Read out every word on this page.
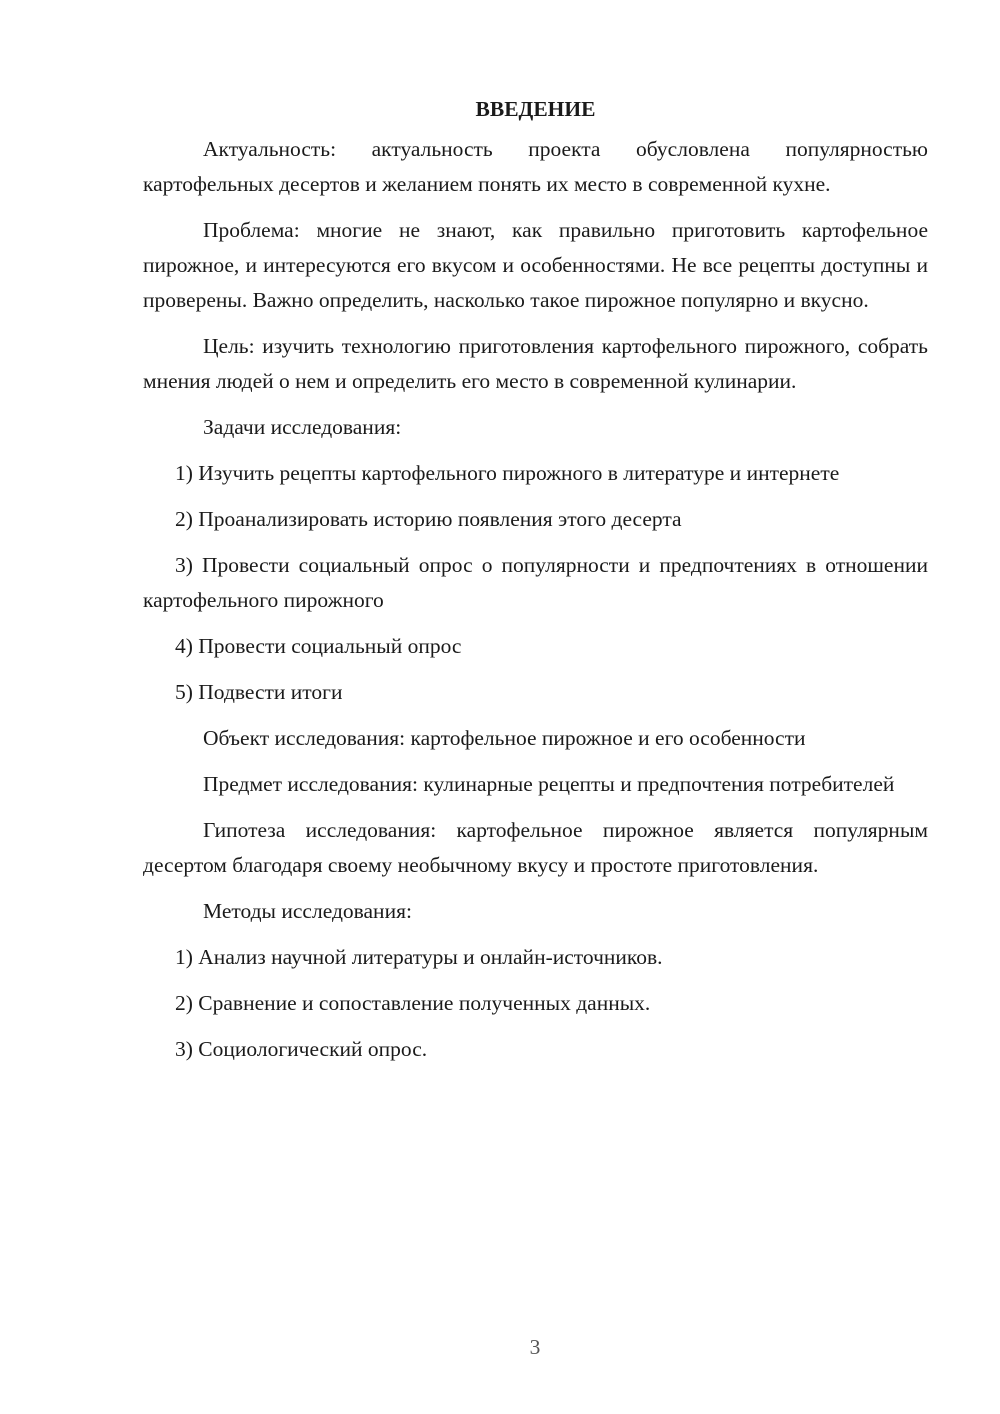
ВВЕДЕНИЕ

Актуальность: актуальность проекта обусловлена популярностью картофельных десертов и желанием понять их место в современной кухне.

Проблема: многие не знают, как правильно приготовить картофельное пирожное, и интересуются его вкусом и особенностями. Не все рецепты доступны и проверены. Важно определить, насколько такое пирожное популярно и вкусно.

Цель: изучить технологию приготовления картофельного пирожного, собрать мнения людей о нем и определить его место в современной кулинарии.

Задачи исследования:

1) Изучить рецепты картофельного пирожного в литературе и интернете

2) Проанализировать историю появления этого десерта

3) Провести социальный опрос о популярности и предпочтениях в отношении картофельного пирожного

4) Провести социальный опрос

5) Подвести итоги

Объект исследования: картофельное пирожное и его особенности

Предмет исследования: кулинарные рецепты и предпочтения потребителей

Гипотеза исследования: картофельное пирожное является популярным десертом благодаря своему необычному вкусу и простоте приготовления.

Методы исследования:

1) Анализ научной литературы и онлайн-источников.

2) Сравнение и сопоставление полученных данных.

3) Социологический опрос.

3
